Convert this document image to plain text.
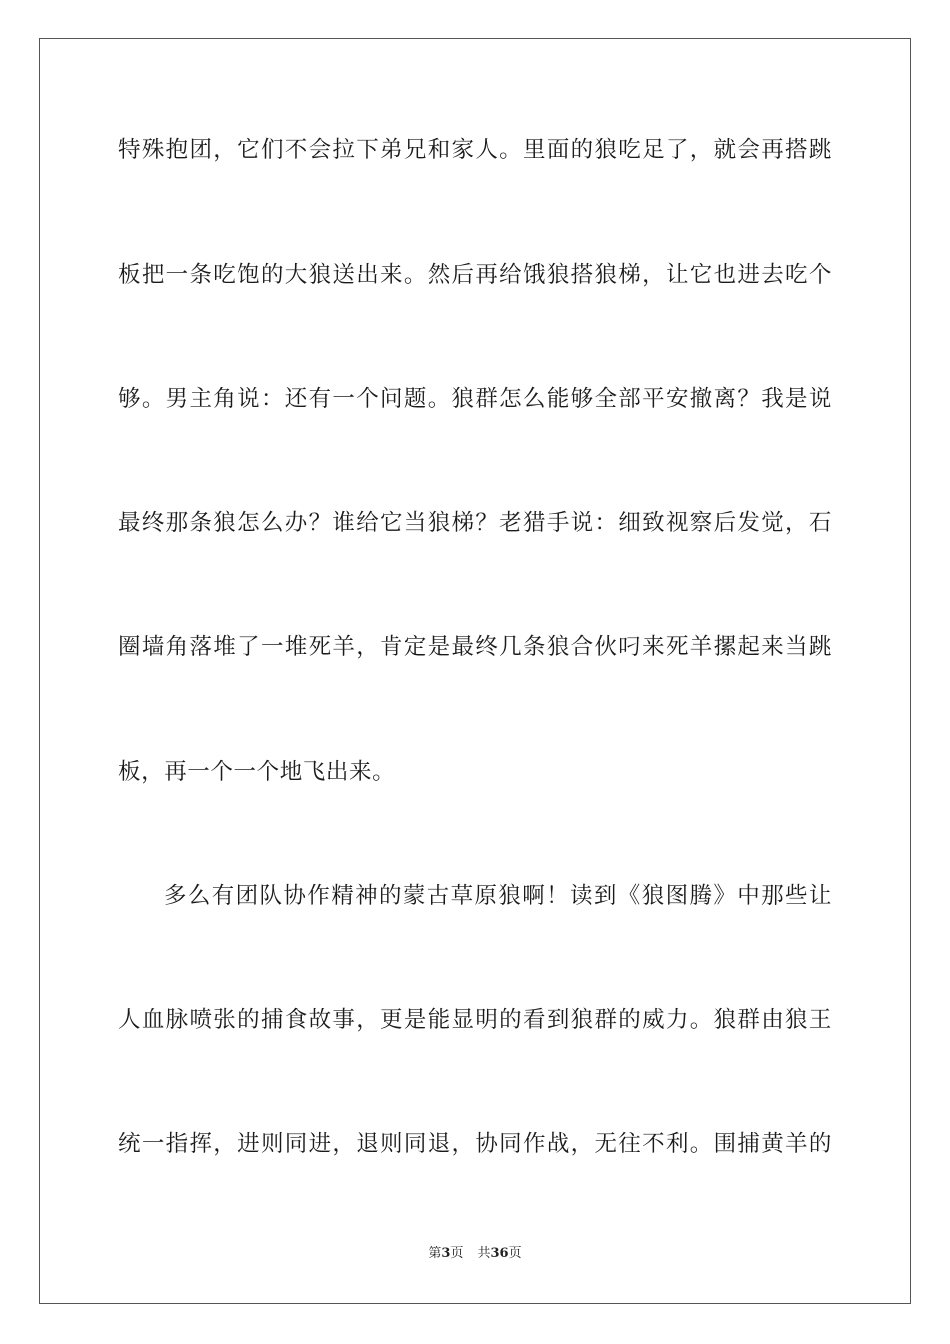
特殊抱团，它们不会拉下弟兄和家人。里面的狼吃足了，就会再搭跳
板把一条吃饱的大狼送出来。然后再给饿狼搭狼梯，让它也进去吃个
够。男主角说：还有一个问题。狼群怎么能够全部平安撤离？我是说
最终那条狼怎么办？谁给它当狼梯？老猎手说：细致视察后发觉，石
圈墙角落堆了一堆死羊，肯定是最终几条狼合伙叼来死羊摞起来当跳
板，再一个一个地飞出来。
多么有团队协作精神的蒙古草原狼啊！读到《狼图腾》中那些让
人血脉喷张的捕食故事，更是能显明的看到狼群的威力。狼群由狼王
统一指挥，进则同进，退则同退，协同作战，无往不利。围捕黄羊的
第3页 共36页
